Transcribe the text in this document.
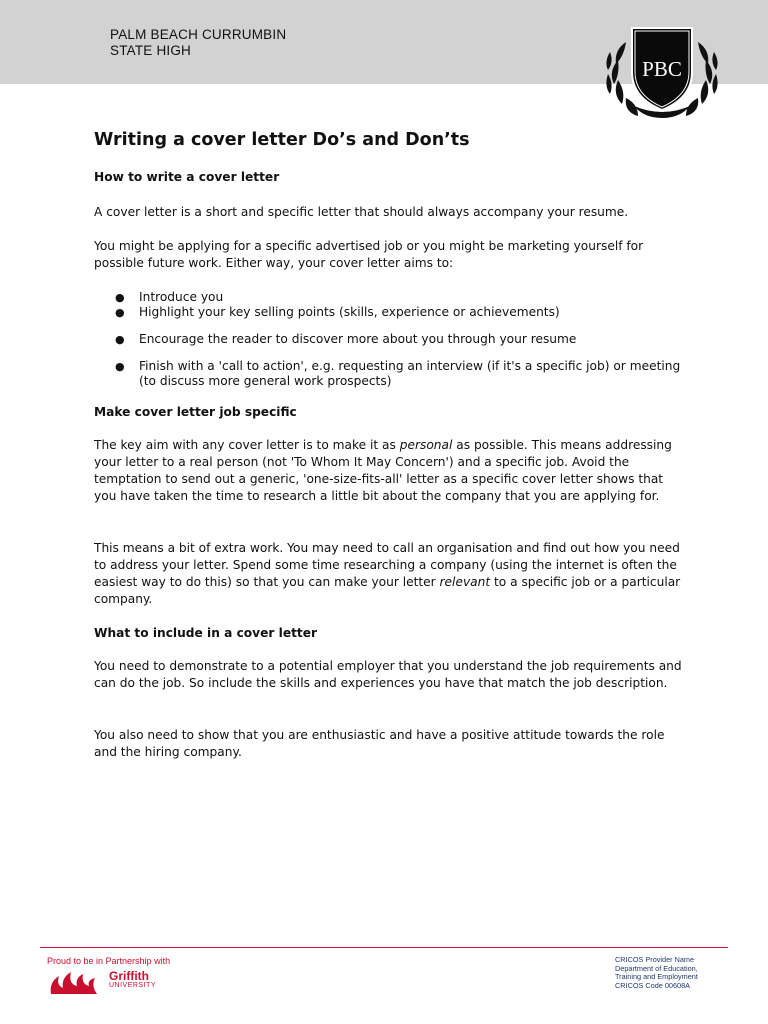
PALM BEACH CURRUMBIN
STATE HIGH
PBC
Writing a cover letter Do’s and Don’ts
How to write a cover letter

A cover letter is a short and specific letter that should always accompany your resume.

You might be applying for a specific advertised job or you might be marketing yourself for possible future work. Either way, your cover letter aims to:

● Introduce you
● Highlight your key selling points (skills, experience or achievements)
● Encourage the reader to discover more about you through your resume
● Finish with a 'call to action', e.g. requesting an interview (if it's a specific job) or meeting (to discuss more general work prospects)
Make cover letter job specific

The key aim with any cover letter is to make it as personal as possible. This means addressing your letter to a real person (not 'To Whom It May Concern') and a specific job. Avoid the temptation to send out a generic, 'one-size-fits-all' letter as a specific cover letter shows that you have taken the time to research a little bit about the company that you are applying for.

This means a bit of extra work. You may need to call an organisation and find out how you need to address your letter. Spend some time researching a company (using the internet is often the easiest way to do this) so that you can make your letter relevant to a specific job or a particular company.

What to include in a cover letter

You need to demonstrate to a potential employer that you understand the job requirements and can do the job. So include the skills and experiences you have that match the job description.

You also need to show that you are enthusiastic and have a positive attitude towards the role and the hiring company.

Proud to be in Partnership with
Griffith
UNIVERSITY
CRICOS Provider Name
Department of Education,
Training and Employment
CRICOS Code 00608A
